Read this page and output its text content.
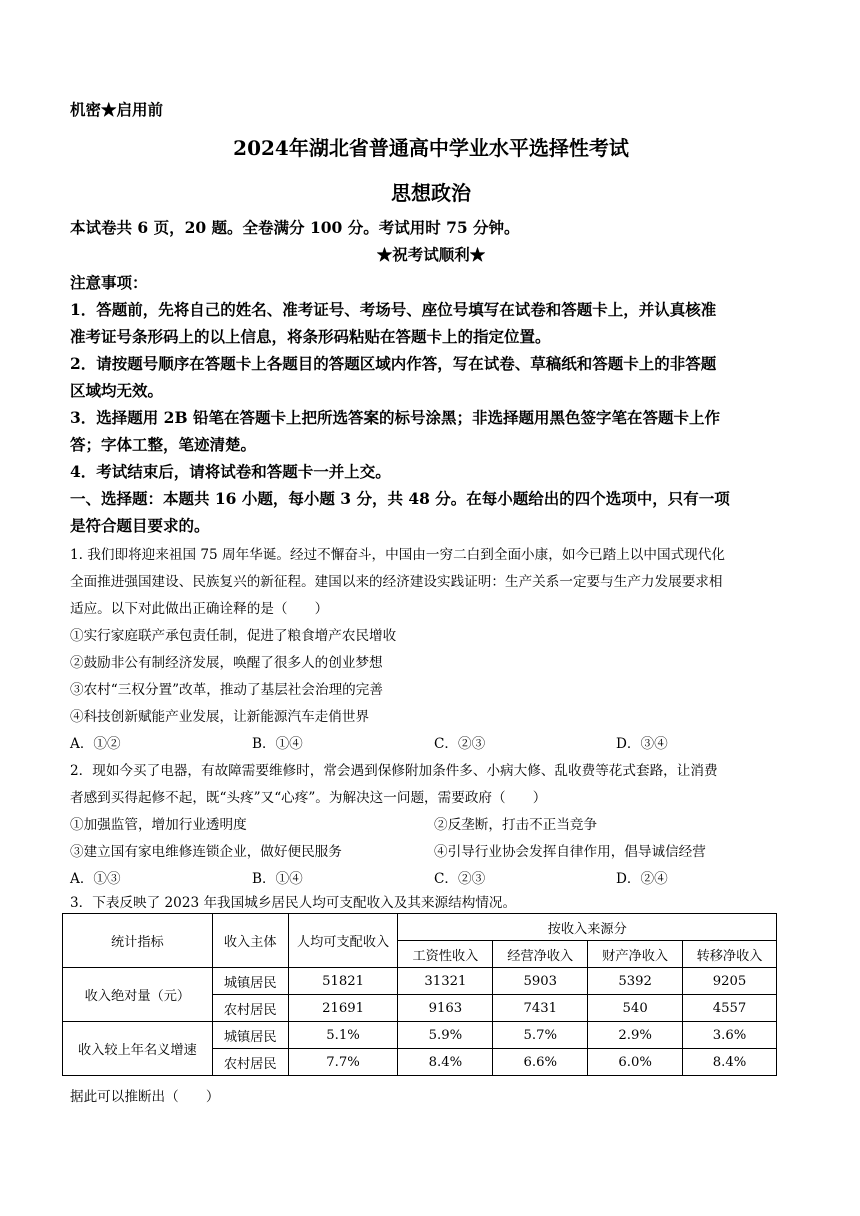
机密★启用前
2024年湖北省普通高中学业水平选择性考试
思想政治
本试卷共 6 页，20 题。全卷满分 100 分。考试用时 75 分钟。
★祝考试顺利★
注意事项：
1．答题前，先将自己的姓名、准考证号、考场号、座位号填写在试卷和答题卡上，并认真核准
准考证号条形码上的以上信息，将条形码粘贴在答题卡上的指定位置。
2．请按题号顺序在答题卡上各题目的答题区域内作答，写在试卷、草稿纸和答题卡上的非答题
区域均无效。
3．选择题用 2B 铅笔在答题卡上把所选答案的标号涂黑；非选择题用黑色签字笔在答题卡上作
答；字体工整，笔迹清楚。
4．考试结束后，请将试卷和答题卡一并上交。
一、选择题：本题共 16 小题，每小题 3 分，共 48 分。在每小题给出的四个选项中，只有一项
是符合题目要求的。
1. 我们即将迎来祖国 75 周年华诞。经过不懈奋斗，中国由一穷二白到全面小康，如今已踏上以中国式现代化
全面推进强国建设、民族复兴的新征程。建国以来的经济建设实践证明：生产关系一定要与生产力发展要求相
适应。以下对此做出正确诠释的是（　　）
①实行家庭联产承包责任制，促进了粮食增产农民增收
②鼓励非公有制经济发展，唤醒了很多人的创业梦想
③农村“三权分置”改革，推动了基层社会治理的完善
④科技创新赋能产业发展，让新能源汽车走俏世界
A．①②	B．①④	C．②③	D．③④
2．现如今买了电器，有故障需要维修时，常会遇到保修附加条件多、小病大修、乱收费等花式套路，让消费
者感到买得起修不起，既“头疼”又“心疼”。为解决这一问题，需要政府（　　）
①加强监管，增加行业透明度	②反垄断，打击不正当竞争
③建立国有家电维修连锁企业，做好便民服务	④引导行业协会发挥自律作用，倡导诚信经营
A．①③	B．①④	C．②③	D．②④
3．下表反映了 2023 年我国城乡居民人均可支配收入及其来源结构情况。
统计指标	收入主体	人均可支配收入	按收入来源分			
			工资性收入	经营净收入	财产净收入	转移净收入
收入绝对量（元）	城镇居民	51821	31321	5903	5392	9205
	农村居民	21691	9163	7431	540	4557
收入较上年名义增速	城镇居民	5.1%	5.9%	5.7%	2.9%	3.6%
	农村居民	7.7%	8.4%	6.6%	6.0%	8.4%
据此可以推断出（　　）
